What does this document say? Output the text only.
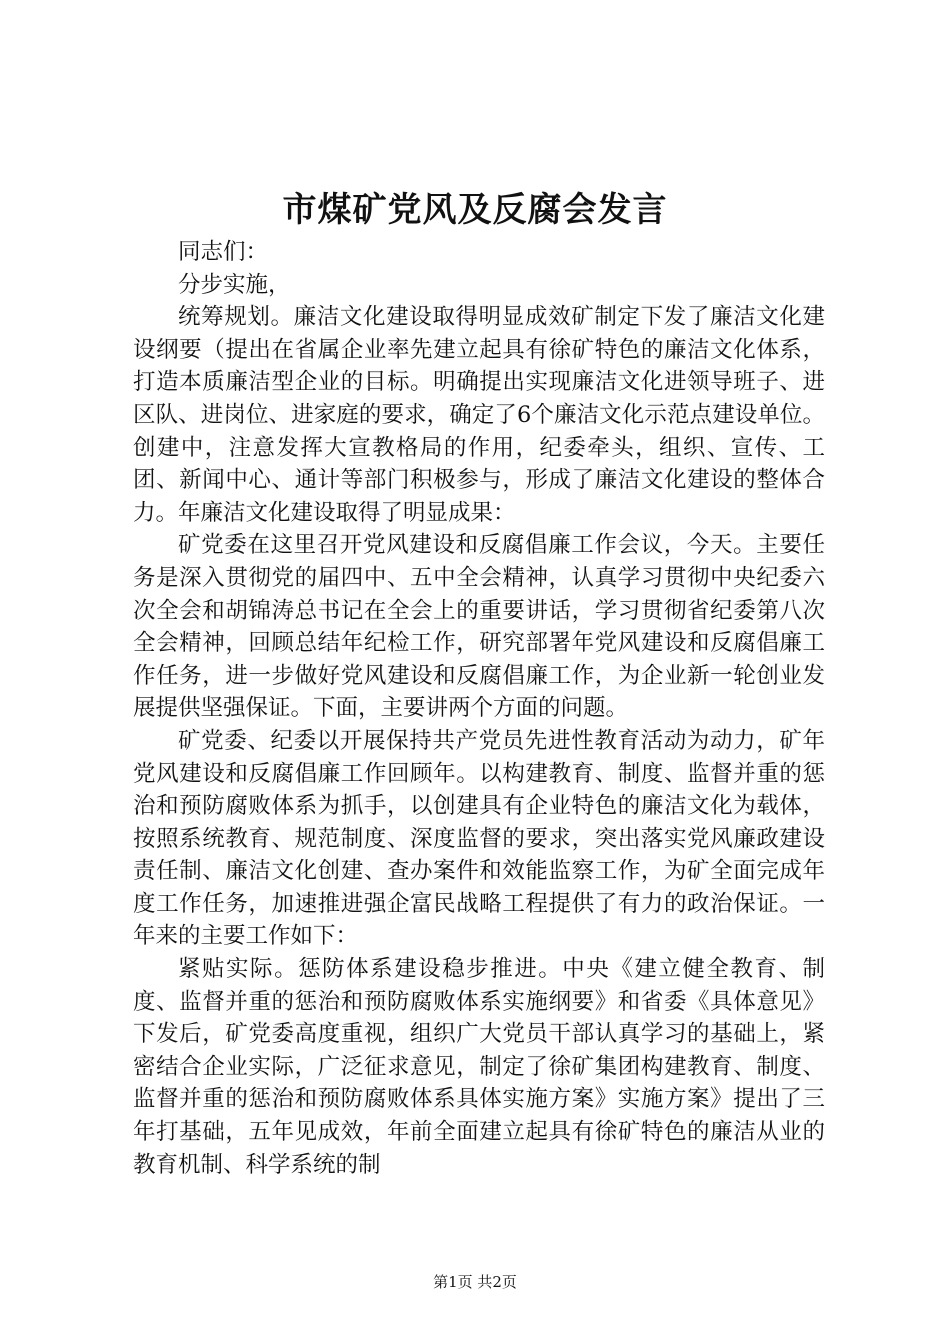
市煤矿党风及反腐会发言

同志们：

分步实施，

统筹规划。廉洁文化建设取得明显成效矿制定下发了廉洁文化建设纲要（提出在省属企业率先建立起具有徐矿特色的廉洁文化体系，打造本质廉洁型企业的目标。明确提出实现廉洁文化进领导班子、进区队、进岗位、进家庭的要求，确定了6个廉洁文化示范点建设单位。创建中，注意发挥大宣教格局的作用，纪委牵头，组织、宣传、工团、新闻中心、通计等部门积极参与，形成了廉洁文化建设的整体合力。年廉洁文化建设取得了明显成果：

矿党委在这里召开党风建设和反腐倡廉工作会议，今天。主要任务是深入贯彻党的届四中、五中全会精神，认真学习贯彻中央纪委六次全会和胡锦涛总书记在全会上的重要讲话，学习贯彻省纪委第八次全会精神，回顾总结年纪检工作，研究部署年党风建设和反腐倡廉工作任务，进一步做好党风建设和反腐倡廉工作，为企业新一轮创业发展提供坚强保证。下面，主要讲两个方面的问题。

矿党委、纪委以开展保持共产党员先进性教育活动为动力，矿年党风建设和反腐倡廉工作回顾年。以构建教育、制度、监督并重的惩治和预防腐败体系为抓手，以创建具有企业特色的廉洁文化为载体，按照系统教育、规范制度、深度监督的要求，突出落实党风廉政建设责任制、廉洁文化创建、查办案件和效能监察工作，为矿全面完成年度工作任务，加速推进强企富民战略工程提供了有力的政治保证。一年来的主要工作如下：

紧贴实际。惩防体系建设稳步推进。中央《建立健全教育、制度、监督并重的惩治和预防腐败体系实施纲要》和省委《具体意见》下发后，矿党委高度重视，组织广大党员干部认真学习的基础上，紧密结合企业实际，广泛征求意见，制定了徐矿集团构建教育、制度、监督并重的惩治和预防腐败体系具体实施方案》实施方案》提出了三年打基础，五年见成效，年前全面建立起具有徐矿特色的廉洁从业的教育机制、科学系统的制

第1页 共2页
